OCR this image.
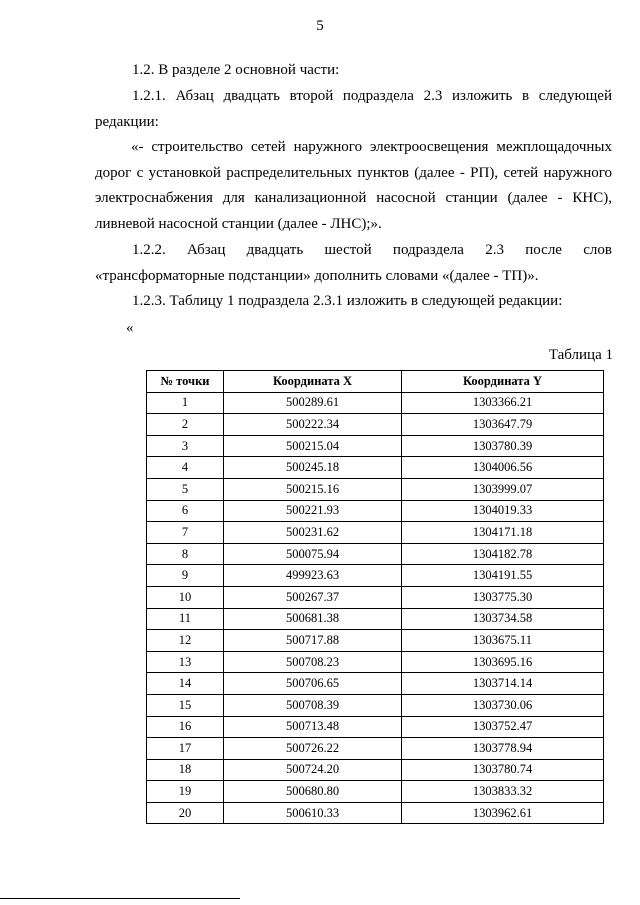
5

1.2. В разделе 2 основной части:

1.2.1. Абзац двадцать второй подраздела 2.3 изложить в следующей редакции:

«- строительство сетей наружного электроосвещения межплощадочных дорог с установкой распределительных пунктов (далее - РП), сетей наружного электроснабжения для канализационной насосной станции (далее - КНС), ливневой насосной станции (далее - ЛНС);».

1.2.2. Абзац двадцать шестой подраздела 2.3 после слов «трансформаторные подстанции» дополнить словами «(далее - ТП)».

1.2.3. Таблицу 1 подраздела 2.3.1 изложить в следующей редакции:

«
Таблица 1
№ точки	Координата X	Координата Y
1	500289.61	1303366.21
2	500222.34	1303647.79
3	500215.04	1303780.39
4	500245.18	1304006.56
5	500215.16	1303999.07
6	500221.93	1304019.33
7	500231.62	1304171.18
8	500075.94	1304182.78
9	499923.63	1304191.55
10	500267.37	1303775.30
11	500681.38	1303734.58
12	500717.88	1303675.11
13	500708.23	1303695.16
14	500706.65	1303714.14
15	500708.39	1303730.06
16	500713.48	1303752.47
17	500726.22	1303778.94
18	500724.20	1303780.74
19	500680.80	1303833.32
20	500610.33	1303962.61
